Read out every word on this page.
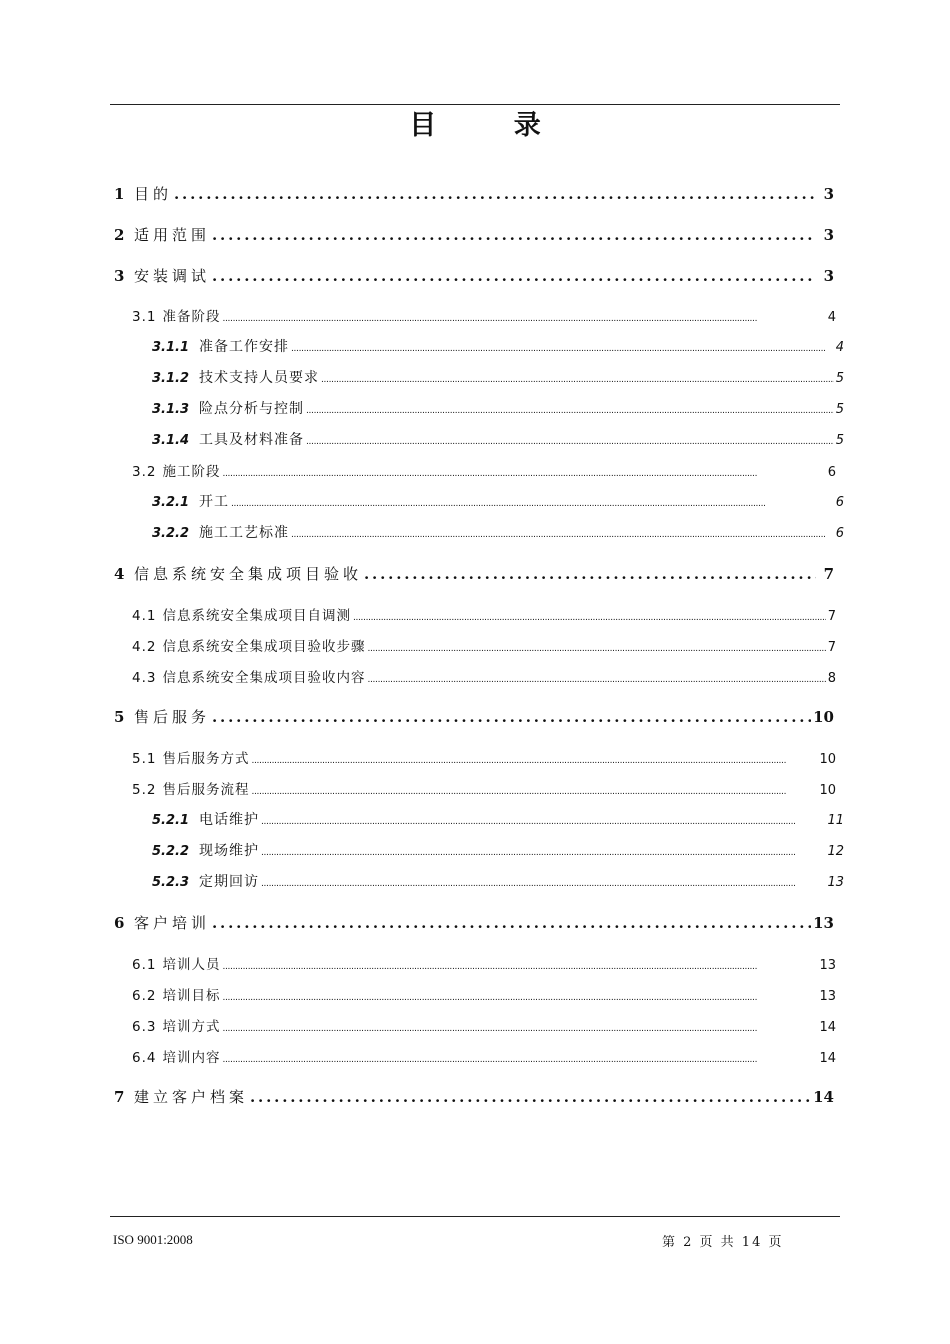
目 录
1 目的 . . .	3
2 适用范围 . . .	3
3 安装调试 . . .	3
3.1 准备阶段 . . .	4
3.1.1 准备工作安排 . . .	4
3.1.2 技术支持人员要求 . . .	5
3.1.3 险点分析与控制 . . .	5
3.1.4 工具及材料准备 . . .	5
3.2 施工阶段 . . .	6
3.2.1 开工 . . .	6
3.2.2 施工工艺标准 . . .	6
4 信息系统安全集成项目验收 . . .	7
4.1 信息系统安全集成项目自调测 . . .	7
4.2 信息系统安全集成项目验收步骤 . . .	7
4.3 信息系统安全集成项目验收内容 . . .	8
5 售后服务 . . .	10
5.1 售后服务方式 . . .	10
5.2 售后服务流程 . . .	10
5.2.1 电话维护 . . .	11
5.2.2 现场维护 . . .	12
5.2.3 定期回访 . . .	13
6 客户培训 . . .	13
6.1 培训人员 . . .	13
6.2 培训目标 . . .	13
6.3 培训方式 . . .	14
6.4 培训内容 . . .	14
7 建立客户档案 . . .	14
ISO 9001:2008	第 2 页 共 14 页
